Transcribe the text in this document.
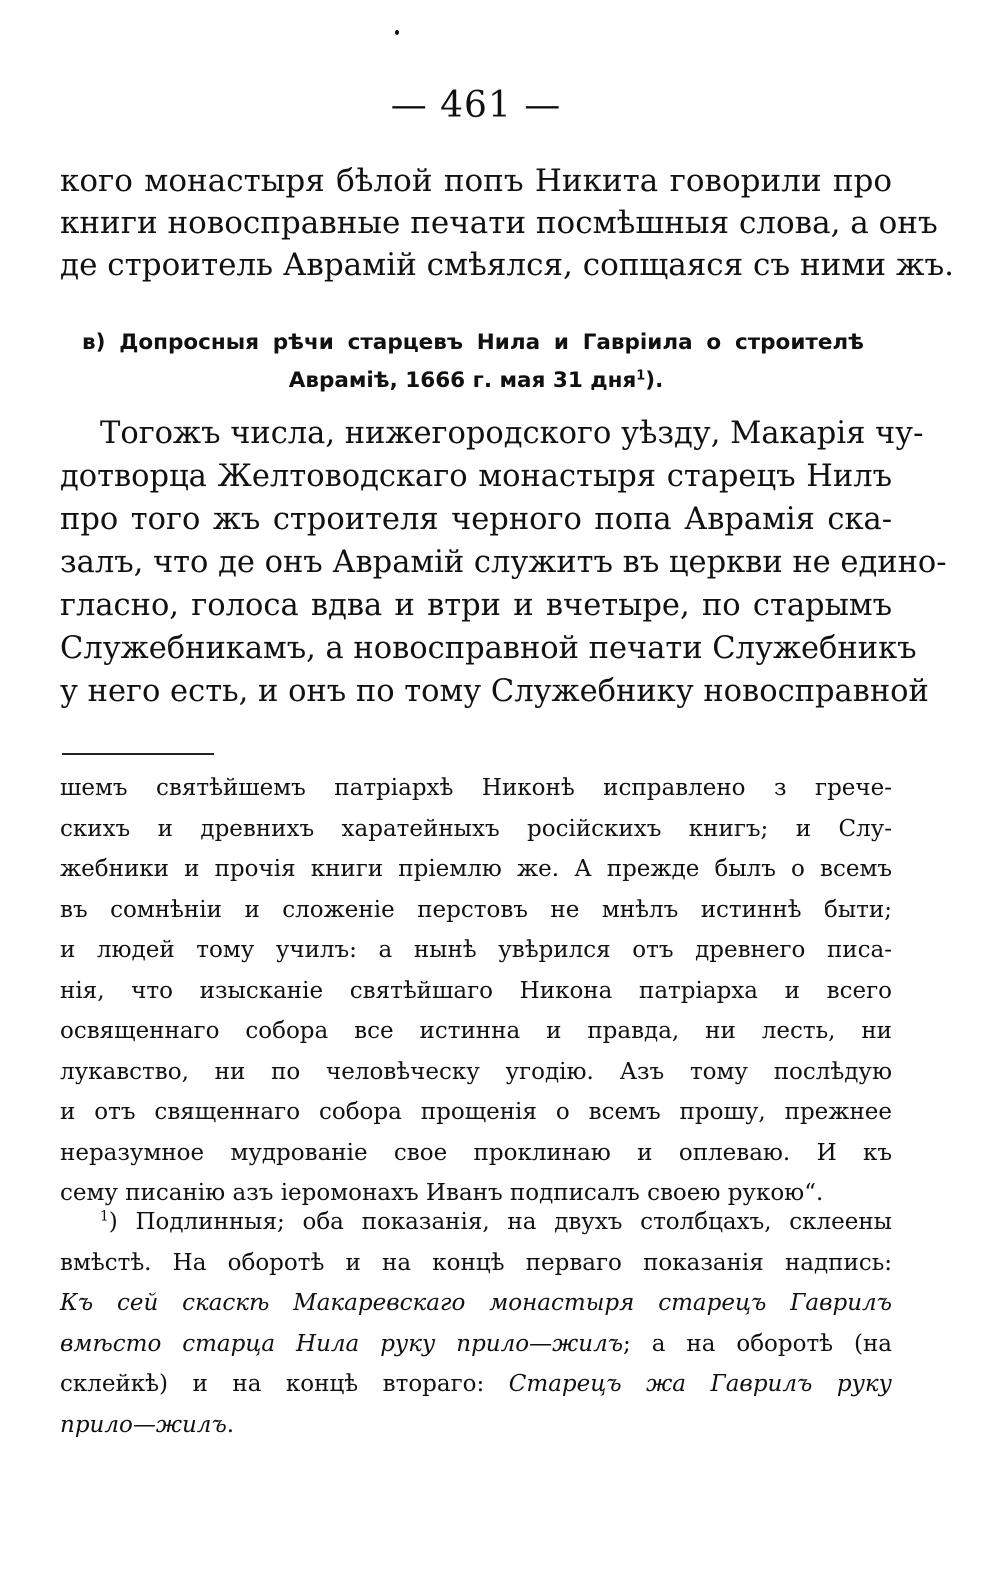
— 461 —
кого монастыря бѣлой попъ Никита говорили про
книги новосправные печати посмѣшныя слова, а онъ
де строитель Аврамій смѣялся, сопщаяся съ ними жъ.
в) Допросныя рѣчи старцевъ Нила и Гаврiила о строителѣ
Аврамiѣ, 1666 г. мая 31 дня$^1$).
Тогожъ числа, нижегородского уѣзду, Макарія чу-
дотворца Желтоводскаго монастыря старецъ Нилъ
про того жъ строителя черного попа Аврамія ска-
залъ, что де онъ Аврамій служитъ въ церкви не едино-
гласно, голоса вдва и втри и вчетыре, по старымъ
Служебникамъ, а новосправной печати Служебникъ
у него есть, и онъ по тому Служебнику новосправной
шемъ святѣйшемъ патріархѣ Никонѣ исправлено з грече-
скихъ и древнихъ харатейныхъ російскихъ книгъ; и Слу-
жебники и прочія книги пріемлю же. А прежде былъ о всемъ
въ сомнѣніи и сложеніе перстовъ не мнѣлъ истиннѣ быти;
и людей тому училъ: а нынѣ увѣрился отъ древнего писа-
нія, что изысканіе святѣйшаго Никона патріарха и всего
освященнаго собора все истинна и правда, ни лесть, ни
лукавство, ни по человѣческу угодію. Азъ тому послѣдую
и отъ священнаго собора прощенія о всемъ прошу, прежнее
неразумное мудрованіе свое проклинаю и оплеваю. И къ
сему писанію азъ іеромонахъ Иванъ подписалъ своею рукою“.
$^1$) Подлинныя; оба показанія, на двухъ столбцахъ, склеены
вмѣстѣ. На оборотѣ и на концѣ перваго показанія надпись:
Къ сей скаскѣ Макаревскаго монастыря старецъ Гаврилъ
вмѣсто старца Нила руку прило—жилъ; а на оборотѣ (на
склейкѣ) и на концѣ втораго: Старецъ жа Гаврилъ руку
прило—жилъ.
